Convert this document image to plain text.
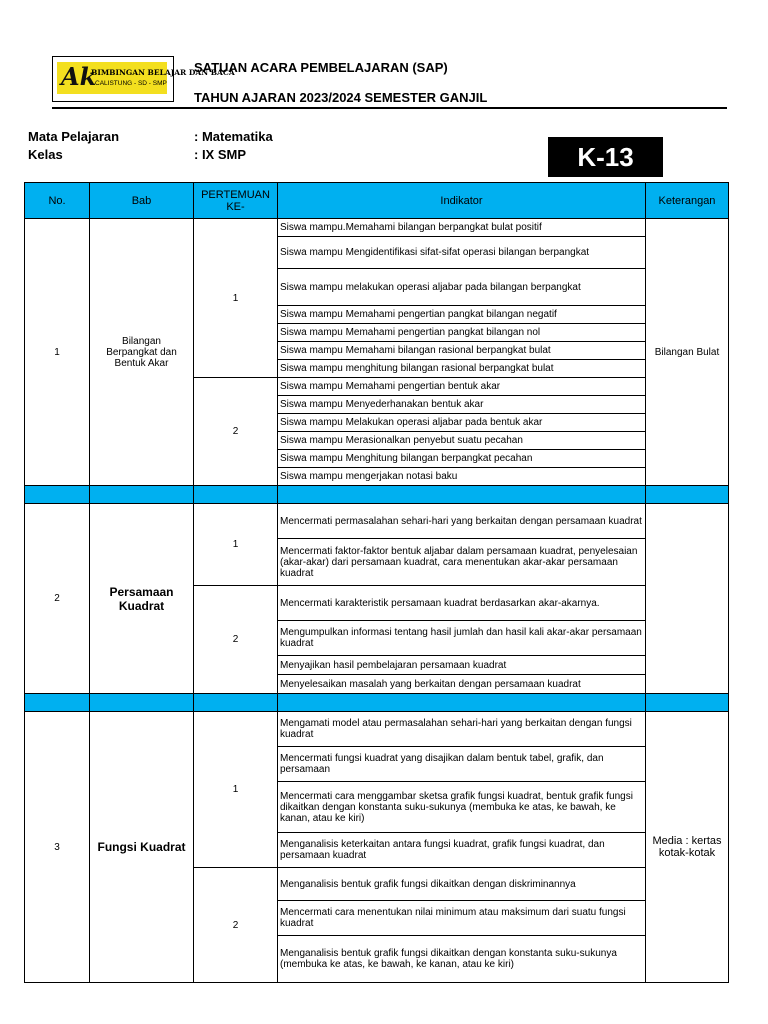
Ak
BIMBINGAN BELAJAR DAN BACA
CALISTUNG - SD - SMP
SATUAN ACARA PEMBELAJARAN (SAP)
TAHUN AJARAN 2023/2024 SEMESTER GANJIL
Mata Pelajaran	: Matematika
Kelas	: IX SMP	K-13
No.	Bab	PERTEMUAN KE-	Indikator	Keterangan
1	Bilangan Berpangkat dan Bentuk Akar	1	Siswa mampu.Memahami bilangan berpangkat bulat positif	Bilangan Bulat
			Siswa mampu Mengidentifikasi sifat-sifat operasi bilangan berpangkat	
			Siswa mampu melakukan operasi aljabar pada bilangan berpangkat	
			Siswa mampu Memahami pengertian pangkat bilangan negatif	
			Siswa mampu Memahami pengertian pangkat bilangan nol	
			Siswa mampu Memahami bilangan rasional berpangkat bulat	
			Siswa mampu menghitung bilangan rasional berpangkat bulat	
		2	Siswa mampu Memahami pengertian bentuk akar	
			Siswa mampu Menyederhanakan bentuk akar	
			Siswa mampu Melakukan operasi aljabar pada bentuk akar	
			Siswa mampu Merasionalkan penyebut suatu pecahan	
			Siswa mampu Menghitung bilangan berpangkat pecahan	
			Siswa mampu mengerjakan notasi baku	

2	Persamaan Kuadrat	1	Mencermati permasalahan sehari-hari yang berkaitan dengan persamaan kuadrat	
			Mencermati faktor-faktor bentuk aljabar dalam persamaan kuadrat, penyelesaian (akar-akar) dari persamaan kuadrat, cara menentukan akar-akar persamaan kuadrat	
		2	Mencermati karakteristik persamaan kuadrat berdasarkan akar-akarnya.	
			Mengumpulkan informasi tentang hasil jumlah dan hasil kali akar-akar persamaan kuadrat	
			Menyajikan hasil pembelajaran persamaan kuadrat	
			Menyelesaikan masalah yang berkaitan dengan persamaan kuadrat	

3	Fungsi Kuadrat	1	Mengamati model atau permasalahan sehari-hari yang berkaitan dengan fungsi kuadrat	Media : kertas kotak-kotak
			Mencermati fungsi kuadrat yang disajikan dalam bentuk tabel, grafik, dan persamaan	
			Mencermati cara menggambar sketsa grafik fungsi kuadrat, bentuk grafik fungsi dikaitkan dengan konstanta suku-sukunya (membuka ke atas, ke bawah, ke kanan, atau ke kiri)	
			Menganalisis keterkaitan antara fungsi kuadrat, grafik fungsi kuadrat, dan persamaan kuadrat	
		2	Menganalisis bentuk grafik fungsi dikaitkan dengan diskriminannya	
			Mencermati cara menentukan nilai minimum atau maksimum dari suatu fungsi kuadrat	
			Menganalisis bentuk grafik fungsi dikaitkan dengan konstanta suku-sukunya (membuka ke atas, ke bawah, ke kanan, atau ke kiri)	
